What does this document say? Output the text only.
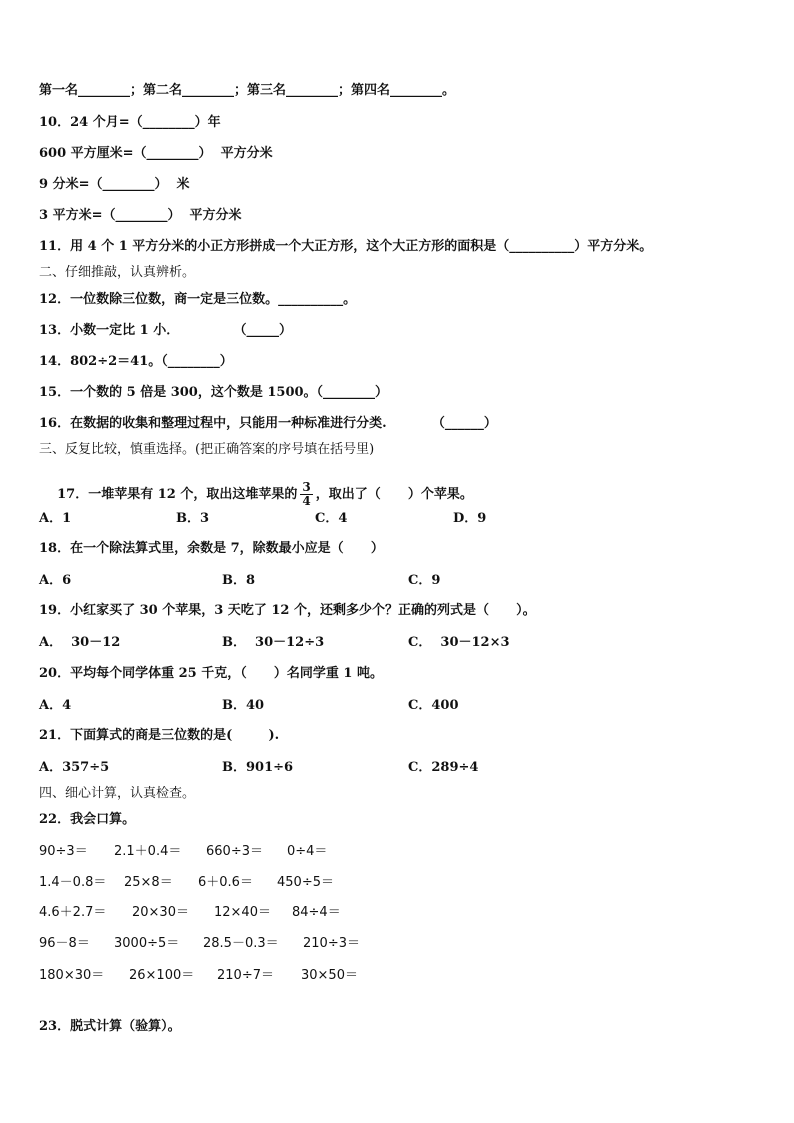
第一名________；第二名________；第三名________；第四名________。
10．24 个月=（________）年
600 平方厘米=（________）  平方分米
9 分米=（________）  米
3 平方米=（________）  平方分米
11．用 4 个 1 平方分米的小正方形拼成一个大正方形，这个大正方形的面积是（__________）平方分米。
二、仔细推敲，认真辨析。
12．一位数除三位数，商一定是三位数。__________。
13．小数一定比 1 小．            （_____）
14．802÷2＝41。（________）
15．一个数的 5 倍是 300，这个数是 1500。（________）
16．在数据的收集和整理过程中，只能用一种标准进行分类.          （______）
三、反复比较，慎重选择。(把正确答案的序号填在括号里)

17．一堆苹果有 12 个，取出这堆苹果的 $\frac{3}{4}$ ，取出了（      ）个苹果。

A．1	B．3	C．4	D．9
18．在一个除法算式里，余数是 7，除数最小应是（      ）
A．6	B．8	C．9
19．小红家买了 30 个苹果，3 天吃了 12 个，还剩多少个？正确的列式是（      ）。
A．  30－12	B．  30－12÷3	C．  30－12×3
20．平均每个同学体重 25 千克，（      ）名同学重 1 吨。
A．4	B．40	C．400
21．下面算式的商是三位数的是(        ).
A．357÷5	B．901÷6	C．289÷4
四、细心计算，认真检查。
22．我会口算。
90÷3＝ 2.1＋0.4＝ 660÷3＝ 0÷4＝
1.4－0.8＝ 25×8＝ 6＋0.6＝ 450÷5＝
4.6＋2.7＝ 20×30＝ 12×40＝ 84÷4＝
96－8＝ 3000÷5＝ 28.5－0.3＝ 210÷3＝
180×30＝ 26×100＝ 210÷7＝ 30×50＝
23．脱式计算（验算）。
